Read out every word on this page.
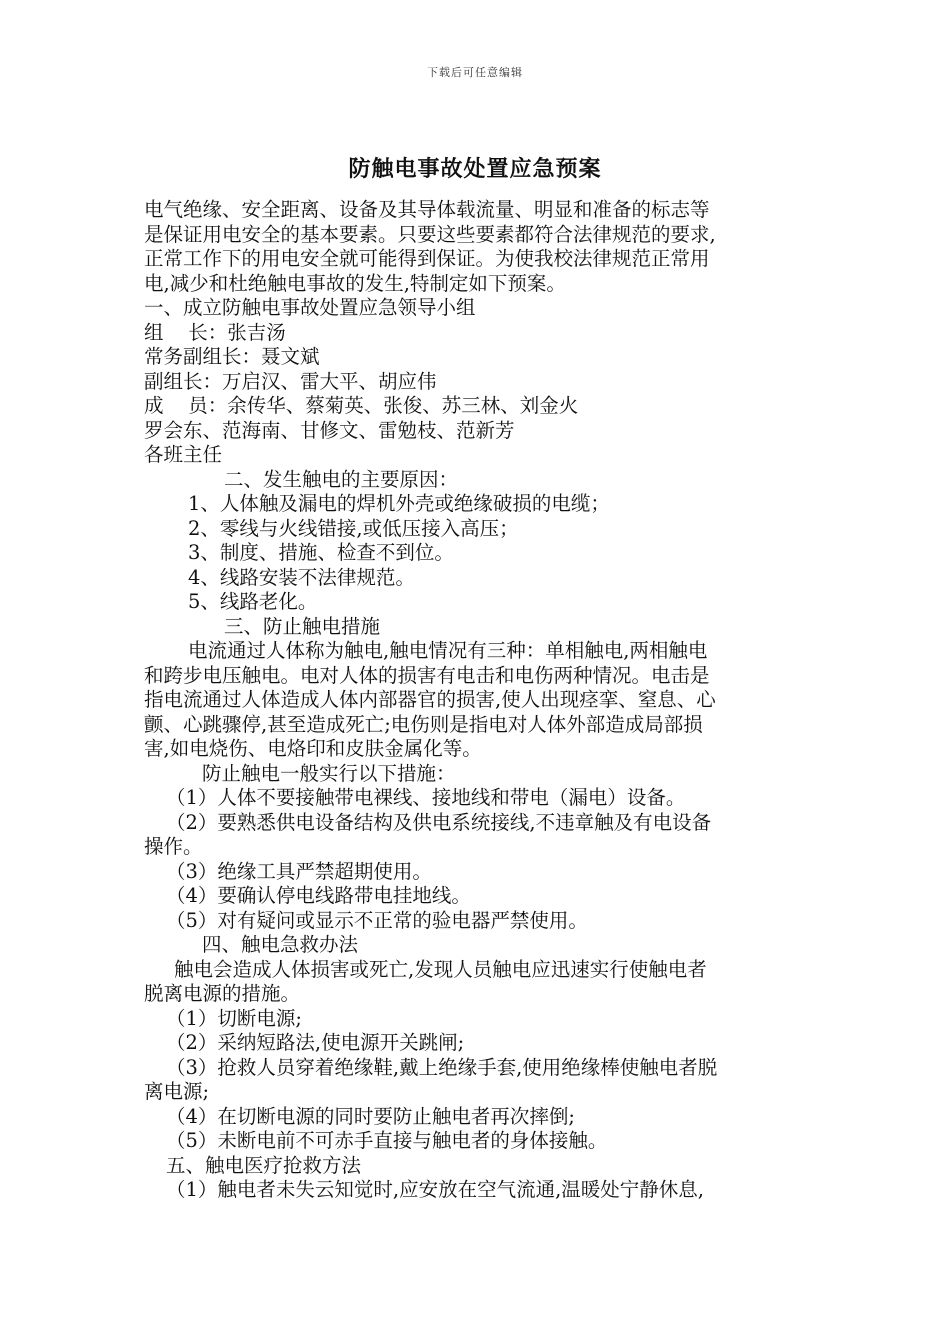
下载后可任意编辑
防触电事故处置应急预案
电气绝缘、安全距离、设备及其导体载流量、明显和准备的标志等
是保证用电安全的基本要素。只要这些要素都符合法律规范的要求,
正常工作下的用电安全就可能得到保证。为使我校法律规范正常用
电,减少和杜绝触电事故的发生,特制定如下预案。
一、成立防触电事故处置应急领导小组
组    长：张吉汤
常务副组长：聂文斌
副组长：万启汉、雷大平、胡应伟
成    员：余传华、蔡菊英、张俊、苏三林、刘金火
罗会东、范海南、甘修文、雷勉枝、范新芳
各班主任
二、发生触电的主要原因：
1、人体触及漏电的焊机外壳或绝缘破损的电缆；
2、零线与火线错接,或低压接入高压；
3、制度、措施、检查不到位。
4、线路安装不法律规范。
5、线路老化。
三、防止触电措施
电流通过人体称为触电,触电情况有三种：单相触电,两相触电
和跨步电压触电。电对人体的损害有电击和电伤两种情况。电击是
指电流通过人体造成人体内部器官的损害,使人出现痉挛、窒息、心
颤、心跳骤停,甚至造成死亡;电伤则是指电对人体外部造成局部损
害,如电烧伤、电烙印和皮肤金属化等。
防止触电一般实行以下措施：
（1）人体不要接触带电裸线、接地线和带电（漏电）设备。
（2）要熟悉供电设备结构及供电系统接线,不违章触及有电设备
操作。
（3）绝缘工具严禁超期使用。
（4）要确认停电线路带电挂地线。
（5）对有疑问或显示不正常的验电器严禁使用。
四、触电急救办法
触电会造成人体损害或死亡,发现人员触电应迅速实行使触电者
脱离电源的措施。
（1）切断电源;
（2）采纳短路法,使电源开关跳闸;
（3）抢救人员穿着绝缘鞋,戴上绝缘手套,使用绝缘棒使触电者脱
离电源;
（4）在切断电源的同时要防止触电者再次摔倒;
（5）未断电前不可赤手直接与触电者的身体接触。
五、触电医疗抢救方法
（1）触电者未失云知觉时,应安放在空气流通,温暖处宁静休息,
